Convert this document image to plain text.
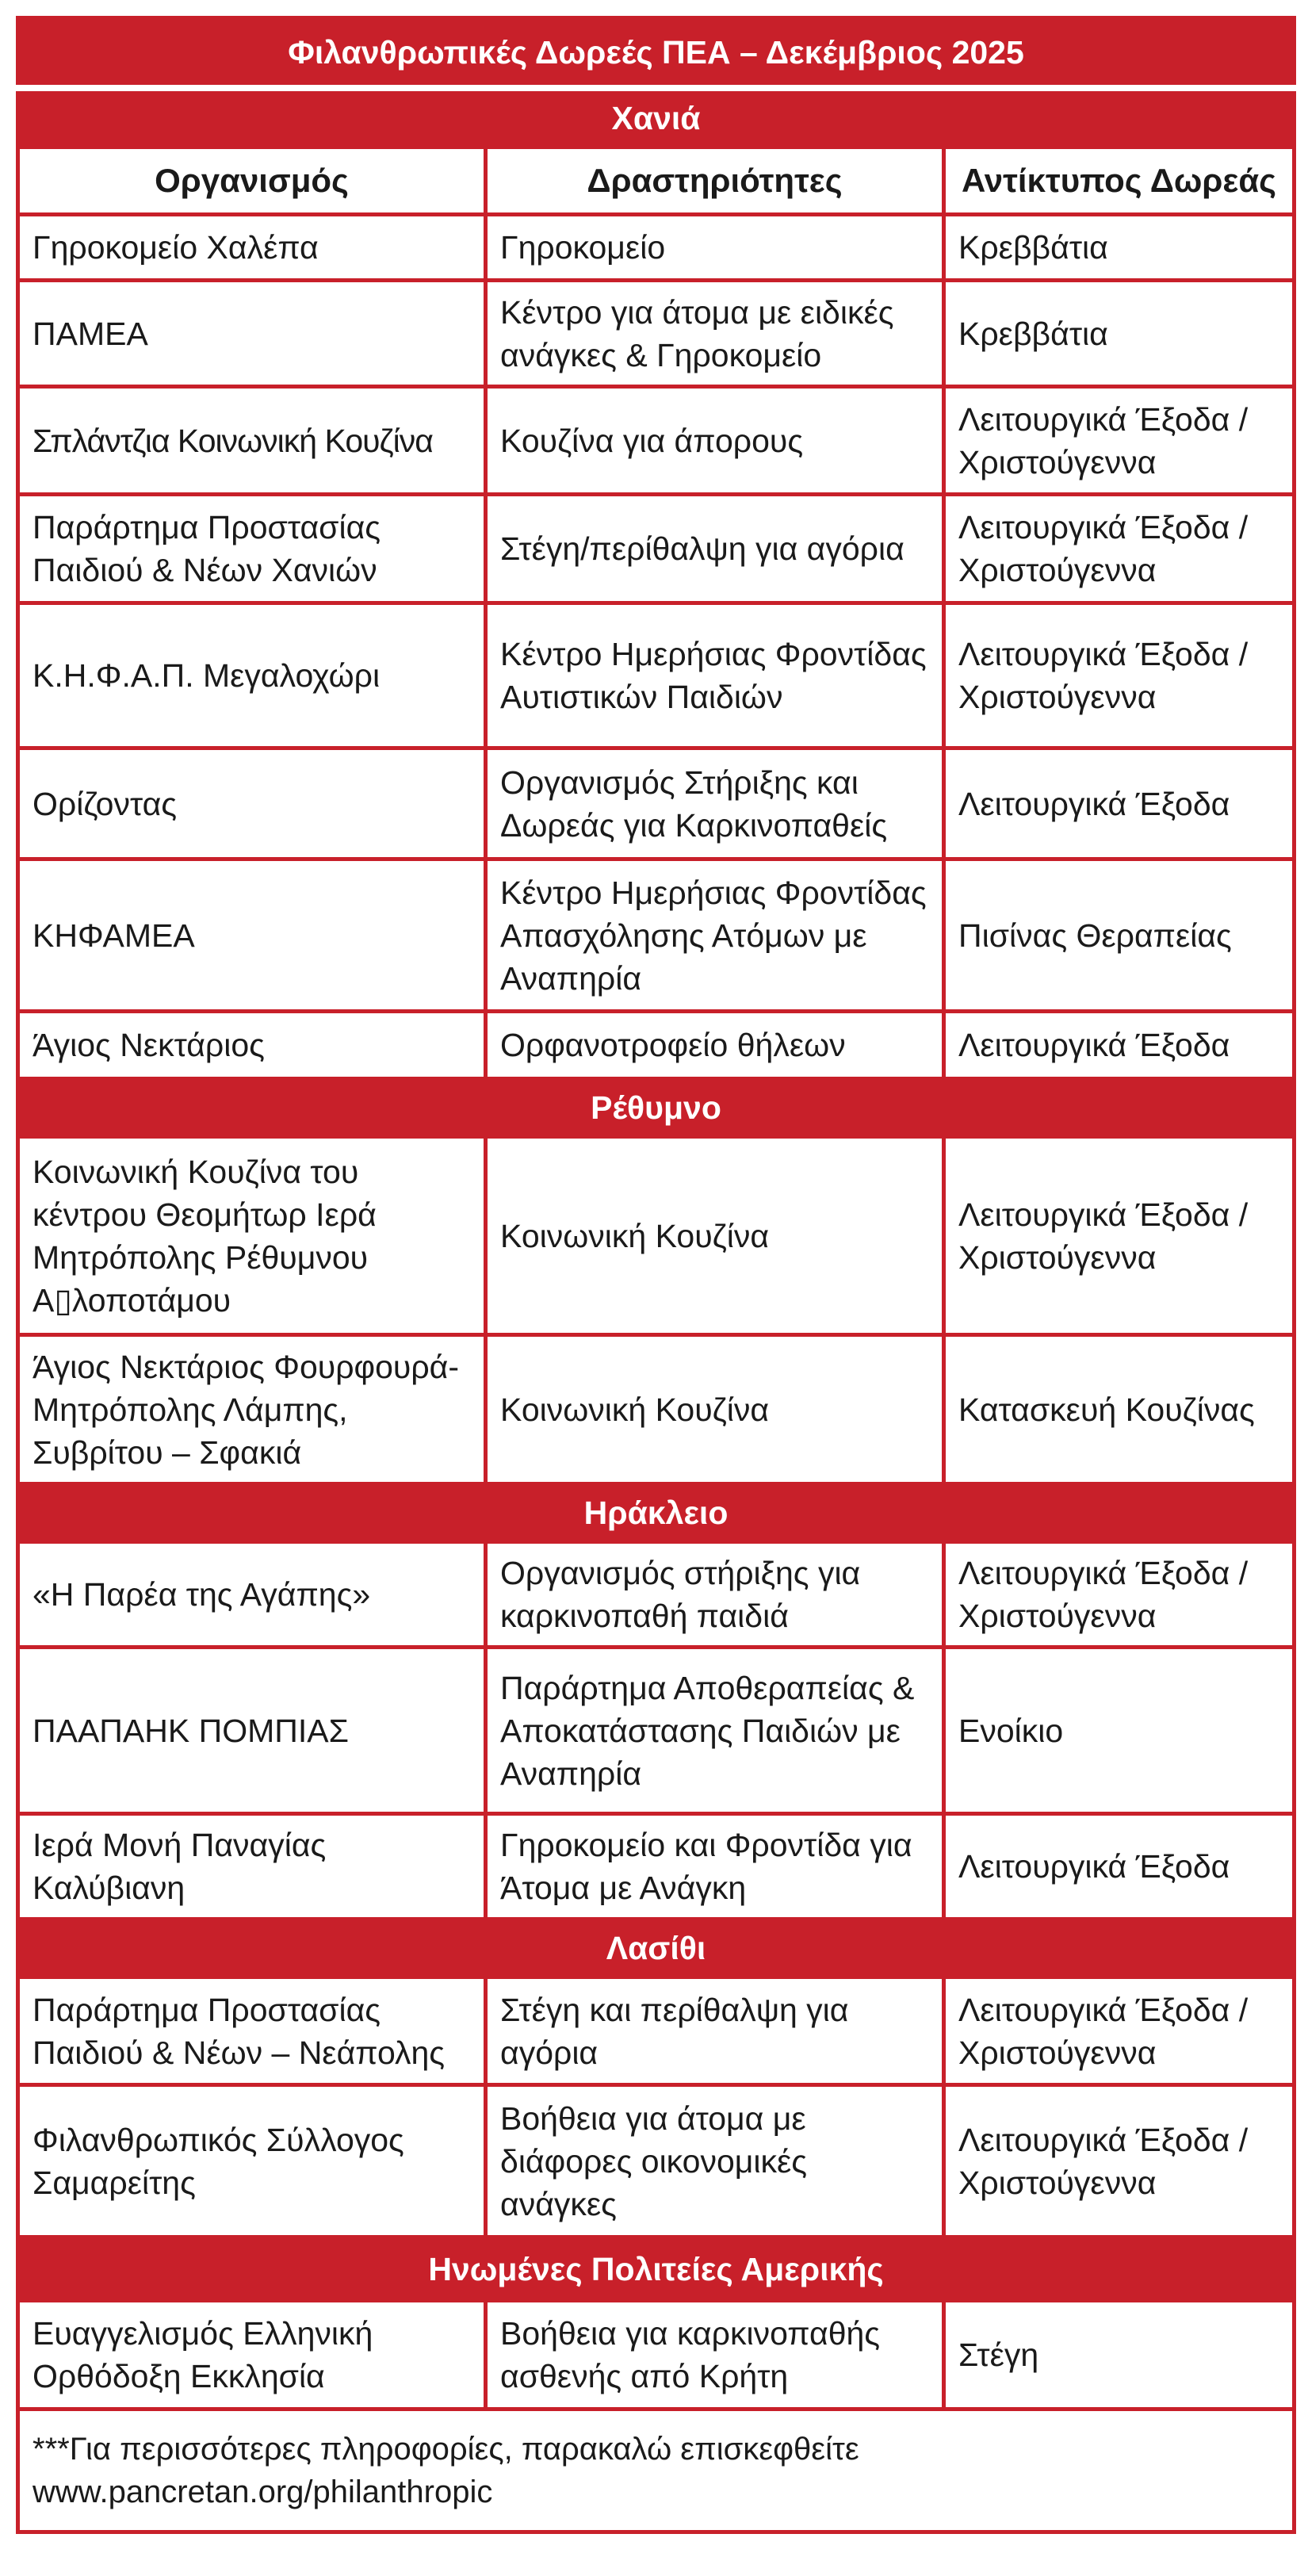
Φιλανθρωπικές Δωρεές ΠΕΑ – Δεκέμβριος 2025		
Χανιά		
Οργανισμός	Δραστηριότητες	Αντίκτυπος Δωρεάς
Γηροκομείο Χαλέπα	Γηροκομείο	Κρεββάτια
ΠΑΜΕΑ	Κέντρο για άτομα με ειδικές ανάγκες & Γηροκομείο	Κρεββάτια
Σπλάντζια Κοινωνική Κουζίνα	Κουζίνα για άπορους	Λειτουργικά Έξοδα / Χριστούγεννα
Παράρτημα Προστασίας Παιδιού & Νέων Χανιών	Στέγη/περίθαλψη για αγόρια	Λειτουργικά Έξοδα / Χριστούγεννα
Κ.Η.Φ.Α.Π. Μεγαλοχώρι	Κέντρο Ημερήσιας Φροντίδας Αυτιστικών Παιδιών	Λειτουργικά Έξοδα / Χριστούγεννα
Ορίζοντας	Οργανισμός Στήριξης και Δωρεάς για Καρκινοπαθείς	Λειτουργικά Έξοδα
ΚΗΦΑΜΕΑ	Κέντρο Ημερήσιας Φροντίδας Απασχόλησης Ατόμων με Αναπηρία	Πισίνας Θεραπείας
Άγιος Νεκτάριος	Ορφανοτροφείο θήλεων	Λειτουργικά Έξοδα
Ρέθυμνο		
Κοινωνική Κουζίνα του κέντρου Θεομήτωρ Ιερά Μητρόπολης Ρέθυμνου Α▯λοποτάμου	Κοινωνική Κουζίνα	Λειτουργικά Έξοδα / Χριστούγεννα
Άγιος Νεκτάριος Φουρφουρά-Μητρόπολης Λάμπης, Συβρίτου – Σφακιά	Κοινωνική Κουζίνα	Κατασκευή Κουζίνας
Ηράκλειο		
«Η Παρέα της Αγάπης»	Οργανισμός στήριξης για καρκινοπαθή παιδιά	Λειτουργικά Έξοδα / Χριστούγεννα
ΠΑΑΠΑΗΚ ΠΟΜΠΙΑΣ	Παράρτημα Αποθεραπείας & Αποκατάστασης Παιδιών με Αναπηρία	Ενοίκιο
Ιερά Μονή Παναγίας Καλύβιανη	Γηροκομείο και Φροντίδα για Άτομα με Ανάγκη	Λειτουργικά Έξοδα
Λασίθι		
Παράρτημα Προστασίας Παιδιού & Νέων – Νεάπολης	Στέγη και περίθαλψη για αγόρια	Λειτουργικά Έξοδα / Χριστούγεννα
Φιλανθρωπικός Σύλλογος Σαμαρείτης	Βοήθεια για άτομα με διάφορες οικονομικές ανάγκες	Λειτουργικά Έξοδα / Χριστούγεννα
Ηνωμένες Πολιτείες Αμερικής		
Ευαγγελισμός Ελληνική Ορθόδοξη Εκκλησία	Βοήθεια για καρκινοπαθής ασθενής από Κρήτη	Στέγη

***Για περισσότερες πληροφορίες, παρακαλώ επισκεφθείτε
www.pancretan.org/philanthropic		
